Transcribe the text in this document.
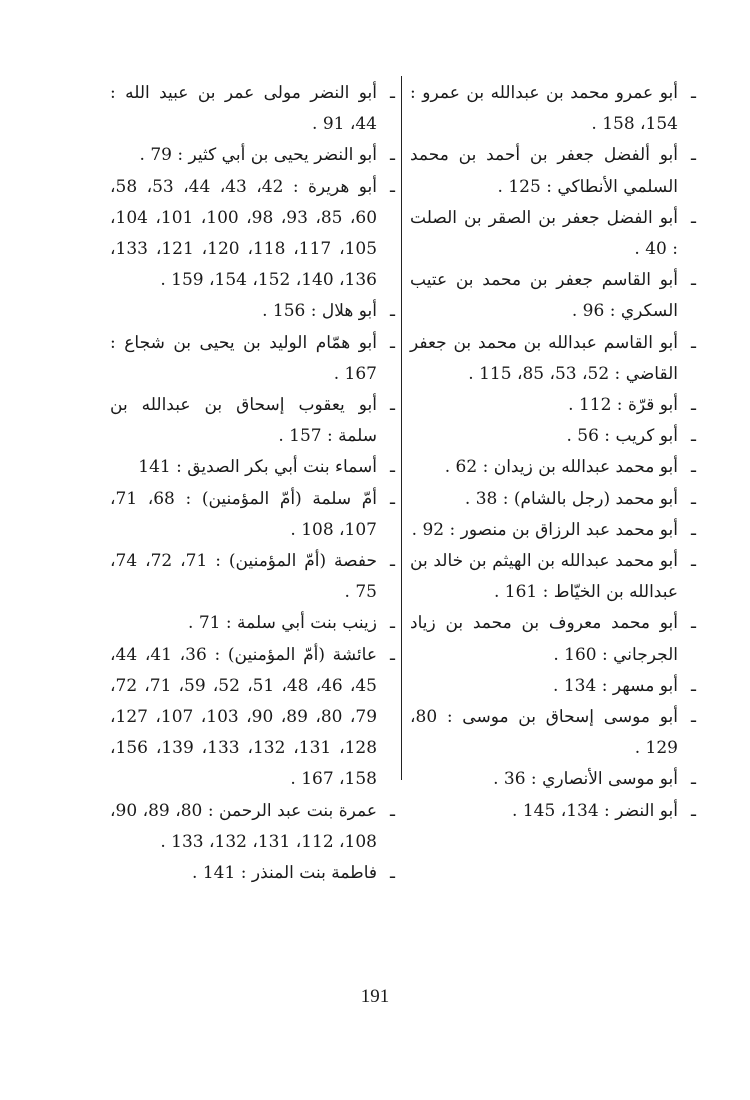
ـأبو عمرو محمد بن عبدالله بن عمرو : 154، 158 .

ـأبو ألفضل جعفر بن أحمد بن محمد السلمي الأنطاكي : 125 .

ـأبو الفضل جعفر بن الصقر بن الصلت : 40 .

ـأبو القاسم جعفر بن محمد بن عتيب السكري : 96 .

ـأبو القاسم عبدالله بن محمد بن جعفر القاضي : 52، 53، 85، 115 .

ـأبو قرّة : 112 .

ـأبو كريب : 56 .

ـأبو محمد عبدالله بن زيدان : 62 .

ـأبو محمد (رجل بالشام) : 38 .

ـأبو محمد عبد الرزاق بن منصور : 92 .

ـأبو محمد عبدالله بن الهيثم بن خالد بن عبدالله بن الخيّاط : 161 .

ـأبو محمد معروف بن محمد بن زياد الجرجاني : 160 .

ـأبو مسهر : 134 .

ـأبو موسى إسحاق بن موسى : 80، 129 .

ـأبو موسى الأنصاري : 36 .

ـأبو النضر : 134، 145 .

ـأبو النضر مولى عمر بن عبيد الله : 44، 91 .

ـأبو النضر يحيى بن أبي كثير : 79 .

ـأبو هريرة : 42، 43، 44، 53، 58، 60، 85، 93، 98، 100، 101، 104، 105، 117، 118، 120، 121، 133، 136، 140، 152، 154، 159 .

ـأبو هلال : 156 .

ـأبو همّام الوليد بن يحيى بن شجاع : 167 .

ـأبو يعقوب إسحاق بن عبدالله بن سلمة : 157 .

ـأسماء بنت أبي بكر الصديق : 141

ـأمّ سلمة (أمّ المؤمنين) : 68، 71، 107، 108 .

ـحفصة (أمّ المؤمنين) : 71، 72، 74، 75 .

ـزينب بنت أبي سلمة : 71 .

ـعائشة (أمّ المؤمنين) : 36، 41، 44، 45، 46، 48، 51، 52، 59، 71، 72، 79، 80، 89، 90، 103، 107، 127، 128، 131، 132، 133، 139، 156، 158، 167 .

ـعمرة بنت عبد الرحمن : 80، 89، 90، 108، 112، 131، 132، 133 .

ـفاطمة بنت المنذر : 141 .

191
